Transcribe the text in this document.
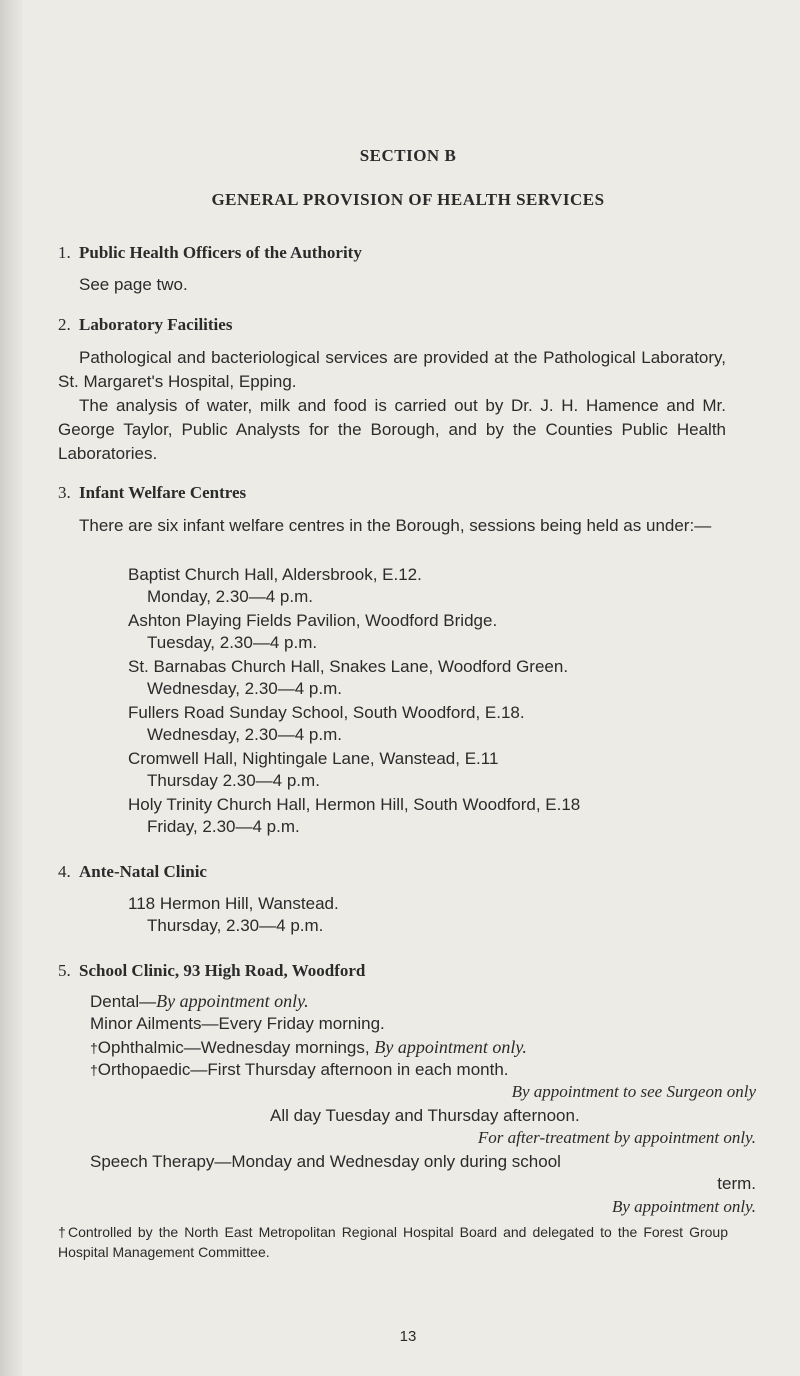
SECTION B
GENERAL PROVISION OF HEALTH SERVICES
1. Public Health Officers of the Authority
See page two.
2. Laboratory Facilities
Pathological and bacteriological services are provided at the Pathological Laboratory, St. Margaret's Hospital, Epping.
The analysis of water, milk and food is carried out by Dr. J. H. Hamence and Mr. George Taylor, Public Analysts for the Borough, and by the Counties Public Health Laboratories.
3. Infant Welfare Centres
There are six infant welfare centres in the Borough, sessions being held as under:—
Baptist Church Hall, Aldersbrook, E.12.
Monday, 2.30—4 p.m.
Ashton Playing Fields Pavilion, Woodford Bridge.
Tuesday, 2.30—4 p.m.
St. Barnabas Church Hall, Snakes Lane, Woodford Green.
Wednesday, 2.30—4 p.m.
Fullers Road Sunday School, South Woodford, E.18.
Wednesday, 2.30—4 p.m.
Cromwell Hall, Nightingale Lane, Wanstead, E.11
Thursday 2.30—4 p.m.
Holy Trinity Church Hall, Hermon Hill, South Woodford, E.18
Friday, 2.30—4 p.m.
4. Ante-Natal Clinic
118 Hermon Hill, Wanstead.
Thursday, 2.30—4 p.m.
5. School Clinic, 93 High Road, Woodford
Dental—By appointment only.
Minor Ailments—Every Friday morning.
†Ophthalmic—Wednesday mornings, By appointment only.
†Orthopaedic—First Thursday afternoon in each month.
By appointment to see Surgeon only
All day Tuesday and Thursday afternoon.
For after-treatment by appointment only.
Speech Therapy—Monday and Wednesday only during school
term.
By appointment only.
†Controlled by the North East Metropolitan Regional Hospital Board and delegated to the Forest Group Hospital Management Committee.
13
